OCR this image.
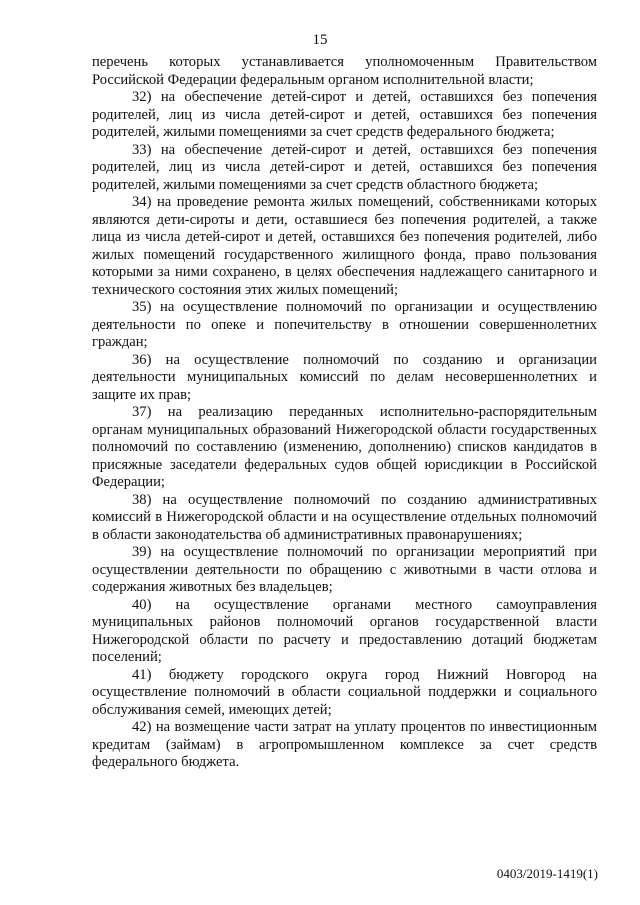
15

перечень которых устанавливается уполномоченным Правительством Российской Федерации федеральным органом исполнительной власти;

32) на обеспечение детей-сирот и детей, оставшихся без попечения родителей, лиц из числа детей-сирот и детей, оставшихся без попечения родителей, жилыми помещениями за счет средств федерального бюджета;

33) на обеспечение детей-сирот и детей, оставшихся без попечения родителей, лиц из числа детей-сирот и детей, оставшихся без попечения родителей, жилыми помещениями за счет средств областного бюджета;

34) на проведение ремонта жилых помещений, собственниками которых являются дети-сироты и дети, оставшиеся без попечения родителей, а также лица из числа детей-сирот и детей, оставшихся без попечения родителей, либо жилых помещений государственного жилищного фонда, право пользования которыми за ними сохранено, в целях обеспечения надлежащего санитарного и технического состояния этих жилых помещений;

35) на осуществление полномочий по организации и осуществлению деятельности по опеке и попечительству в отношении совершеннолетних граждан;

36) на осуществление полномочий по созданию и организации деятельности муниципальных комиссий по делам несовершеннолетних и защите их прав;

37) на реализацию переданных исполнительно-распорядительным органам муниципальных образований Нижегородской области государственных полномочий по составлению (изменению, дополнению) списков кандидатов в присяжные заседатели федеральных судов общей юрисдикции в Российской Федерации;

38) на осуществление полномочий по созданию административных комиссий в Нижегородской области и на осуществление отдельных полномочий в области законодательства об административных правонарушениях;

39) на осуществление полномочий по организации мероприятий при осуществлении деятельности по обращению с животными в части отлова и содержания животных без владельцев;

40) на осуществление органами местного самоуправления муниципальных районов полномочий органов государственной власти Нижегородской области по расчету и предоставлению дотаций бюджетам поселений;

41) бюджету городского округа город Нижний Новгород на осуществление полномочий в области социальной поддержки и социального обслуживания семей, имеющих детей;

42) на возмещение части затрат на уплату процентов по инвестиционным кредитам (займам) в агропромышленном комплексе за счет средств федерального бюджета.

0403/2019-1419(1)
